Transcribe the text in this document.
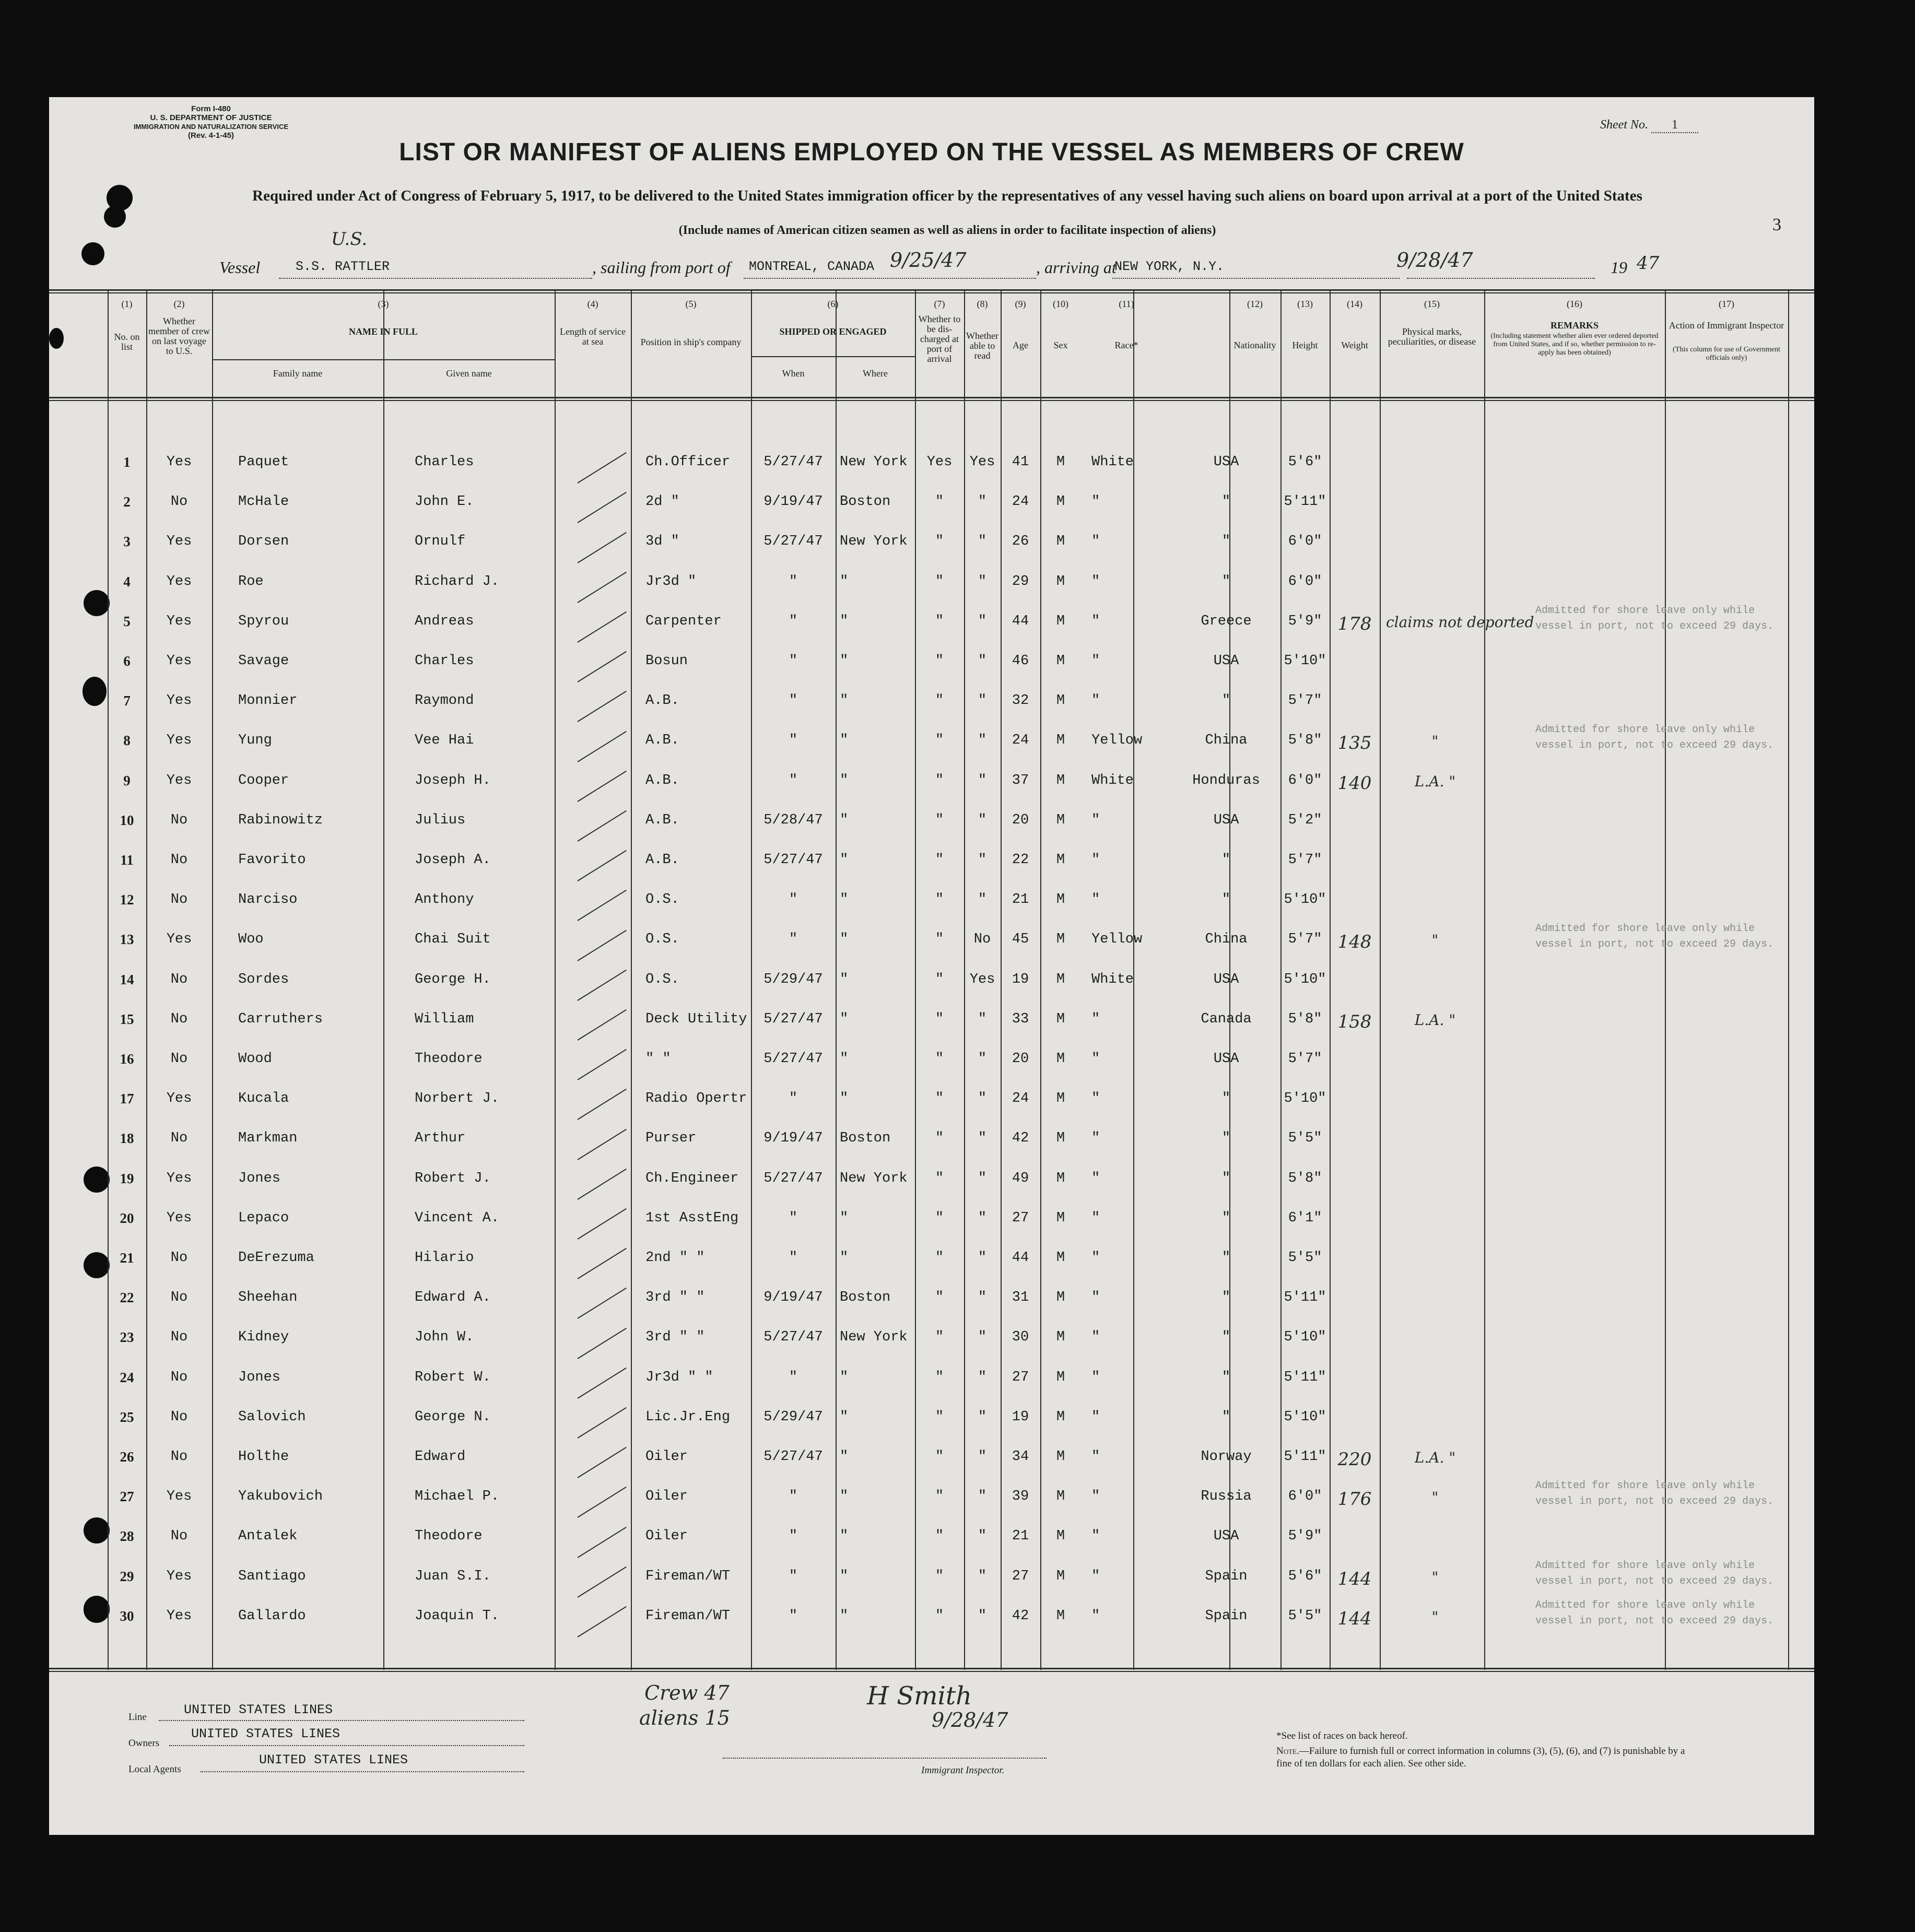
Form I-480
U. S. DEPARTMENT OF JUSTICE
IMMIGRATION AND NATURALIZATION SERVICE
(Rev. 4-1-45)
Sheet No. 1
3
LIST OR MANIFEST OF ALIENS EMPLOYED ON THE VESSEL AS MEMBERS OF CREW
Required under Act of Congress of February 5, 1917, to be delivered to the United States immigration officer by the representatives of any vessel having such aliens on board upon arrival at a port of the United States
(Include names of American citizen seamen as well as aliens in order to facilitate inspection of aliens)
Vessel
U.S.
S.S. RATTLER	, sailing from port of MONTREAL, CANADA 9/25/47	, arriving at
NEW YORK, N.Y.	9/28/47	19 47
(1)
No. on list
(2)
Whether member of crew on last voyage to U.S.
(3)
NAME IN FULL
(4)
Length of service at sea
(5)
Position in ship's company
(6)
SHIPPED OR ENGAGED
(7)
Whether to be dis-charged at port of arrival
(8)
Whether able to read
(9)
Age
(10)
Sex
(11)
Race*
(12)
Nationality
(13)
Height
(14)
Weight
(15)
Physical marks, peculiarities, or disease
(16)
REMARKS
(17)
Action of Immigrant Inspector
Family name	Given name	When	Where
(Including statement whether alien ever ordered deported from United States, and if so, whether permission to re-apply has been obtained)	(This column for use of Government officials only)
1	Yes	Paquet	Charles	Ch.Officer	5/27/47	New York	Yes	Yes	41	M	White	USA	5'6"
2	No	McHale	John E.	2d "	9/19/47	Boston	"	"	24	M	"	"	5'11"
3	Yes	Dorsen	Ornulf	3d "	5/27/47	New York	"	"	26	M	"	"	6'0"
4	Yes	Roe	Richard J.	Jr3d "	"	"	"	"	29	M	"	"	6'0"
5	Yes	Spyrou	Andreas	Carpenter	"	"	"	"	44	M	"	Greece	5'9" 178 claims not deported
Admitted for shore leave only while vessel in port, not to exceed 29 days.
6	Yes	Savage	Charles	Bosun	"	"	"	"	46	M	"	USA	5'10"
7	Yes	Monnier	Raymond	A.B.	"	"	"	"	32	M	"	"	5'7"
8	Yes	Yung	Vee Hai	A.B.	"	"	"	"	24	M	Yellow	China	5'8" 135	"
Admitted for shore leave only while vessel in port, not to exceed 29 days.
9	Yes	Cooper	Joseph H.	A.B.	"	"	"	"	37	M	White	Honduras	6'0" 140	L.A. "
10	No	Rabinowitz	Julius	A.B.	5/28/47	"	"	"	20	M	"	USA	5'2"
11	No	Favorito	Joseph A.	A.B.	5/27/47	"	"	"	22	M	"	"	5'7"
12	No	Narciso	Anthony	O.S.	"	"	"	"	21	M	"	"	5'10"
13	Yes	Woo	Chai Suit	O.S.	"	"	"	No	45	M	Yellow	China	5'7" 148	"
Admitted for shore leave only while vessel in port, not to exceed 29 days.
14	No	Sordes	George H.	O.S.	5/29/47	"	"	Yes	19	M	White	USA	5'10"
15	No	Carruthers	William	Deck Utility	5/27/47	"	"	"	33	M	"	Canada	5'8" 158	L.A. "
16	No	Wood	Theodore	" "	5/27/47	"	"	"	20	M	"	USA	5'7"
17	Yes	Kucala	Norbert J.	Radio Opertr	"	"	"	"	24	M	"	"	5'10"
18	No	Markman	Arthur	Purser	9/19/47	Boston	"	"	42	M	"	"	5'5"
19	Yes	Jones	Robert J.	Ch.Engineer	5/27/47	New York	"	"	49	M	"	"	5'8"
20	Yes	Lepaco	Vincent A.	1st AsstEng	"	"	"	"	27	M	"	"	6'1"
21	No	DeErezuma	Hilario	2nd " "	"	"	"	"	44	M	"	"	5'5"
22	No	Sheehan	Edward A.	3rd " "	9/19/47	Boston	"	"	31	M	"	"	5'11"
23	No	Kidney	John W.	3rd " "	5/27/47	New York	"	"	30	M	"	"	5'10"
24	No	Jones	Robert W.	Jr3d " "	"	"	"	"	27	M	"	"	5'11"
25	No	Salovich	George N.	Lic.Jr.Eng	5/29/47	"	"	"	19	M	"	"	5'10"
26	No	Holthe	Edward	Oiler	5/27/47	"	"	"	34	M	"	Norway	5'11" 220	L.A. "
27	Yes	Yakubovich	Michael P.	Oiler	"	"	"	"	39	M	"	Russia	6'0" 176	"
Admitted for shore leave only while vessel in port, not to exceed 29 days.
28	No	Antalek	Theodore	Oiler	"	"	"	"	21	M	"	USA	5'9"
29	Yes	Santiago	Juan S.I.	Fireman/WT	"	"	"	"	27	M	"	Spain	5'6" 144	"
Admitted for shore leave only while vessel in port, not to exceed 29 days.
30	Yes	Gallardo	Joaquin T.	Fireman/WT	"	"	"	"	42	M	"	Spain	5'5" 144	"
Admitted for shore leave only while vessel in port, not to exceed 29 days.
Line	UNITED STATES LINES
Owners
UNITED STATES LINES
Local Agents
UNITED STATES LINES
Crew 47
aliens 15
H Smith
9/28/47
Immigrant Inspector.
*See list of races on back hereof.
Note.—Failure to furnish full or correct information in columns (3), (5), (6), and (7) is punishable by a fine of ten dollars for each alien. See other side.
